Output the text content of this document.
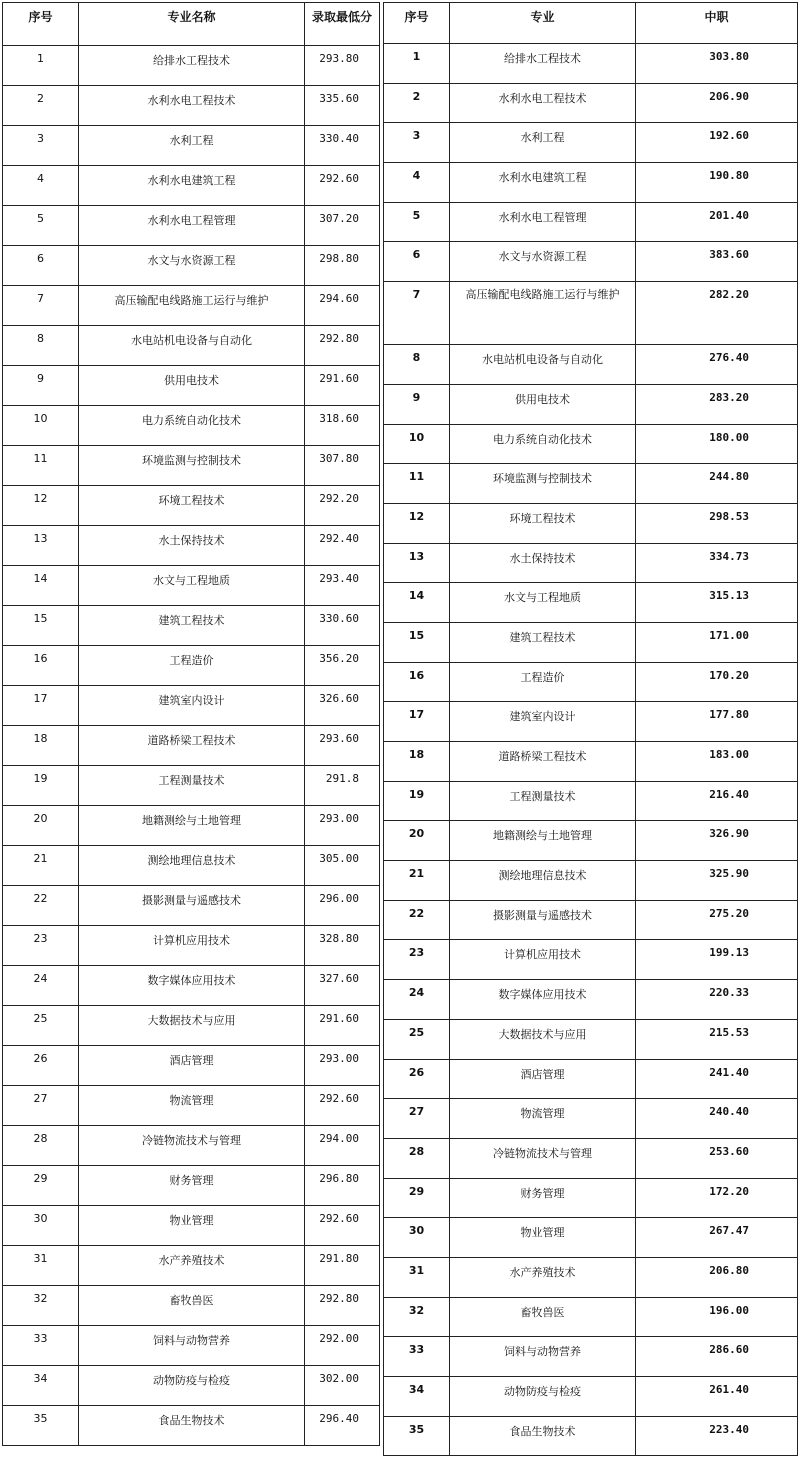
序号	专业名称	录取最低分
1	给排水工程技术	293.80
2	水利水电工程技术	335.60
3	水利工程	330.40
4	水利水电建筑工程	292.60
5	水利水电工程管理	307.20
6	水文与水资源工程	298.80
7	高压输配电线路施工运行与维护	294.60
8	水电站机电设备与自动化	292.80
9	供用电技术	291.60
10	电力系统自动化技术	318.60
11	环境监测与控制技术	307.80
12	环境工程技术	292.20
13	水土保持技术	292.40
14	水文与工程地质	293.40
15	建筑工程技术	330.60
16	工程造价	356.20
17	建筑室内设计	326.60
18	道路桥梁工程技术	293.60
19	工程测量技术	291.8
20	地籍测绘与土地管理	293.00
21	测绘地理信息技术	305.00
22	摄影测量与遥感技术	296.00
23	计算机应用技术	328.80
24	数字媒体应用技术	327.60
25	大数据技术与应用	291.60
26	酒店管理	293.00
27	物流管理	292.60
28	冷链物流技术与管理	294.00
29	财务管理	296.80
30	物业管理	292.60
31	水产养殖技术	291.80
32	畜牧兽医	292.80
33	饲料与动物营养	292.00
34	动物防疫与检疫	302.00
35	食品生物技术	296.40
序号	专业	中职
1	给排水工程技术	303.80
2	水利水电工程技术	206.90
3	水利工程	192.60
4	水利水电建筑工程	190.80
5	水利水电工程管理	201.40
6	水文与水资源工程	383.60
7	高压输配电线路施工运行与维护	282.20
8	水电站机电设备与自动化	276.40
9	供用电技术	283.20
10	电力系统自动化技术	180.00
11	环境监测与控制技术	244.80
12	环境工程技术	298.53
13	水土保持技术	334.73
14	水文与工程地质	315.13
15	建筑工程技术	171.00
16	工程造价	170.20
17	建筑室内设计	177.80
18	道路桥梁工程技术	183.00
19	工程测量技术	216.40
20	地籍测绘与土地管理	326.90
21	测绘地理信息技术	325.90
22	摄影测量与遥感技术	275.20
23	计算机应用技术	199.13
24	数字媒体应用技术	220.33
25	大数据技术与应用	215.53
26	酒店管理	241.40
27	物流管理	240.40
28	冷链物流技术与管理	253.60
29	财务管理	172.20
30	物业管理	267.47
31	水产养殖技术	206.80
32	畜牧兽医	196.00
33	饲料与动物营养	286.60
34	动物防疫与检疫	261.40
35	食品生物技术	223.40
